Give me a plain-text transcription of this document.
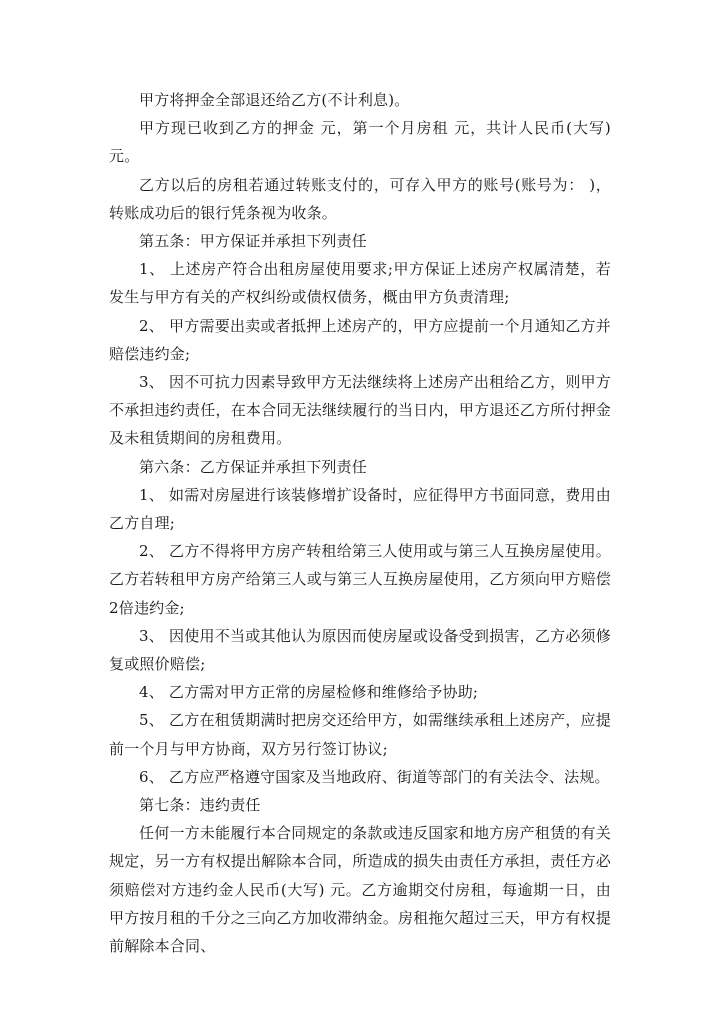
甲方将押金全部退还给乙方(不计利息)。

甲方现已收到乙方的押金 元，第一个月房租 元，共计人民币(大写) 元。

乙方以后的房租若通过转账支付的，可存入甲方的账号(账号为： )，转账成功后的银行凭条视为收条。

第五条：甲方保证并承担下列责任

1、 上述房产符合出租房屋使用要求;甲方保证上述房产权属清楚，若发生与甲方有关的产权纠纷或债权债务，概由甲方负责清理;

2、 甲方需要出卖或者抵押上述房产的，甲方应提前一个月通知乙方并赔偿违约金;

3、 因不可抗力因素导致甲方无法继续将上述房产出租给乙方，则甲方不承担违约责任，在本合同无法继续履行的当日内，甲方退还乙方所付押金及未租赁期间的房租费用。

第六条：乙方保证并承担下列责任

1、 如需对房屋进行该装修增扩设备时，应征得甲方书面同意，费用由乙方自理;

2、 乙方不得将甲方房产转租给第三人使用或与第三人互换房屋使用。乙方若转租甲方房产给第三人或与第三人互换房屋使用，乙方须向甲方赔偿2倍违约金;

3、 因使用不当或其他认为原因而使房屋或设备受到损害，乙方必须修复或照价赔偿;

4、 乙方需对甲方正常的房屋检修和维修给予协助;

5、 乙方在租赁期满时把房交还给甲方，如需继续承租上述房产，应提前一个月与甲方协商，双方另行签订协议;

6、 乙方应严格遵守国家及当地政府、街道等部门的有关法令、法规。

第七条：违约责任

任何一方未能履行本合同规定的条款或违反国家和地方房产租赁的有关规定，另一方有权提出解除本合同，所造成的损失由责任方承担，责任方必须赔偿对方违约金人民币(大写) 元。乙方逾期交付房租，每逾期一日，由甲方按月租的千分之三向乙方加收滞纳金。房租拖欠超过三天，甲方有权提前解除本合同、
